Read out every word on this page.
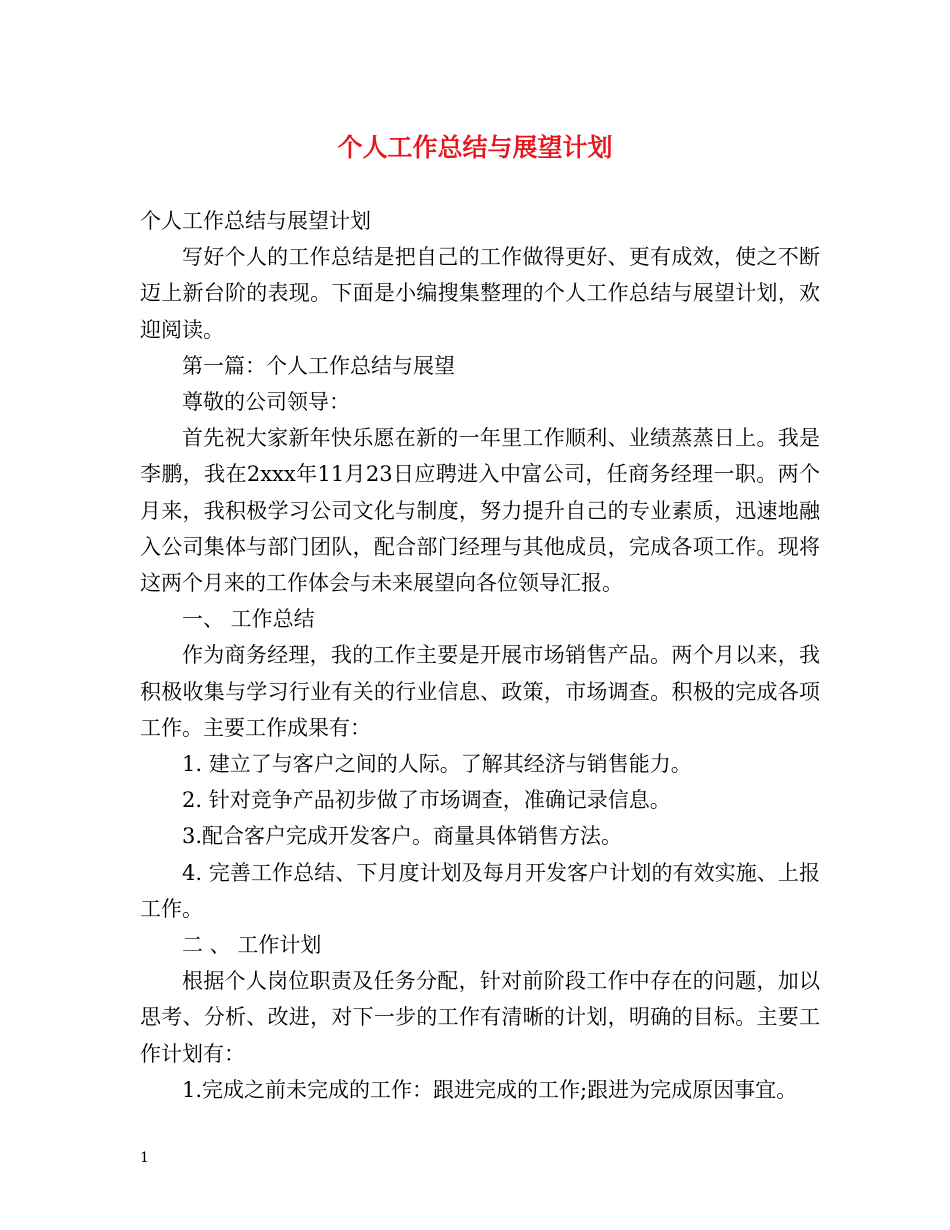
个人工作总结与展望计划

个人工作总结与展望计划

写好个人的工作总结是把自己的工作做得更好、更有成效，使之不断迈上新台阶的表现。下面是小编搜集整理的个人工作总结与展望计划，欢迎阅读。

第一篇：个人工作总结与展望

尊敬的公司领导：

首先祝大家新年快乐愿在新的一年里工作顺利、业绩蒸蒸日上。我是李鹏，我在2xxx年11月23日应聘进入中富公司，任商务经理一职。两个月来，我积极学习公司文化与制度，努力提升自己的专业素质，迅速地融入公司集体与部门团队，配合部门经理与其他成员，完成各项工作。现将这两个月来的工作体会与未来展望向各位领导汇报。

一、 工作总结

作为商务经理，我的工作主要是开展市场销售产品。两个月以来，我积极收集与学习行业有关的行业信息、政策，市场调查。积极的完成各项工作。主要工作成果有：

1. 建立了与客户之间的人际。了解其经济与销售能力。

2. 针对竞争产品初步做了市场调查，准确记录信息。

3.配合客户完成开发客户。商量具体销售方法。

4. 完善工作总结、下月度计划及每月开发客户计划的有效实施、上报工作。

二 、 工作计划

根据个人岗位职责及任务分配，针对前阶段工作中存在的问题，加以思考、分析、改进，对下一步的工作有清晰的计划，明确的目标。主要工作计划有：

1.完成之前未完成的工作：跟进完成的工作;跟进为完成原因事宜。

1
